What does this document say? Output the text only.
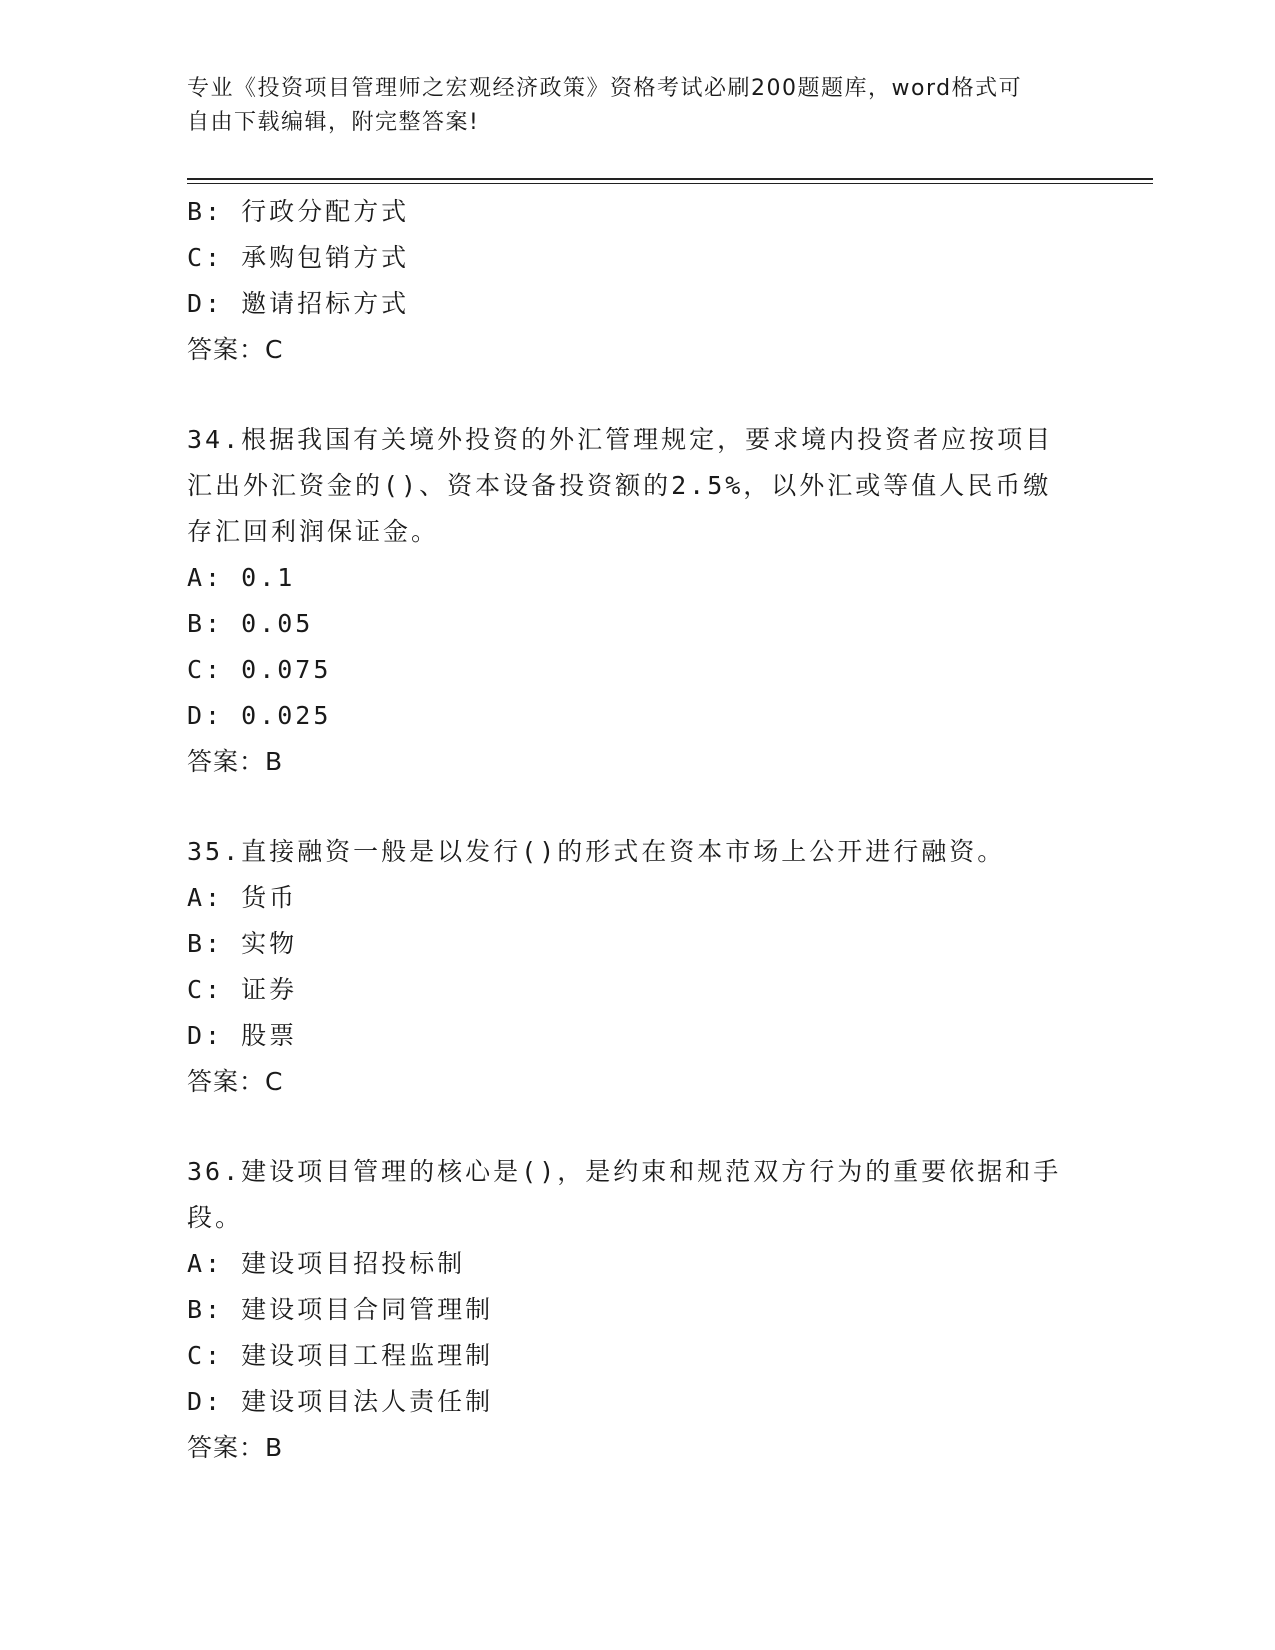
专业《投资项目管理师之宏观经济政策》资格考试必刷200题题库，word格式可
自由下载编辑，附完整答案!
B: 行政分配方式
C: 承购包销方式
D: 邀请招标方式
答案：C
34.根据我国有关境外投资的外汇管理规定，要求境内投资者应按项目
汇出外汇资金的()、资本设备投资额的2.5%，以外汇或等值人民币缴
存汇回利润保证金。
A: 0.1
B: 0.05
C: 0.075
D: 0.025
答案：B
35.直接融资一般是以发行()的形式在资本市场上公开进行融资。
A: 货币
B: 实物
C: 证券
D: 股票
答案：C
36.建设项目管理的核心是()，是约束和规范双方行为的重要依据和手
段。
A: 建设项目招投标制
B: 建设项目合同管理制
C: 建设项目工程监理制
D: 建设项目法人责任制
答案：B
